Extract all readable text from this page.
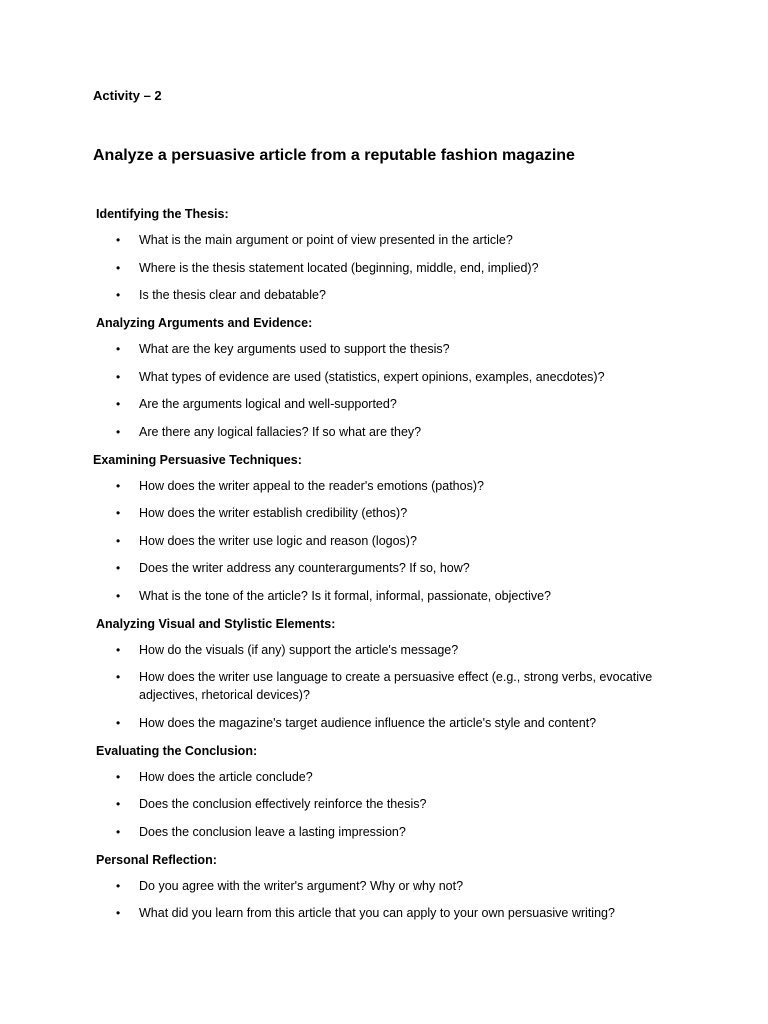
Activity – 2
Analyze a persuasive article from a reputable fashion magazine
Identifying the Thesis:
• What is the main argument or point of view presented in the article?
• Where is the thesis statement located (beginning, middle, end, implied)?
• Is the thesis clear and debatable?
Analyzing Arguments and Evidence:
• What are the key arguments used to support the thesis?
• What types of evidence are used (statistics, expert opinions, examples, anecdotes)?
• Are the arguments logical and well-supported?
• Are there any logical fallacies? If so what are they?
Examining Persuasive Techniques:
• How does the writer appeal to the reader's emotions (pathos)?
• How does the writer establish credibility (ethos)?
• How does the writer use logic and reason (logos)?
• Does the writer address any counterarguments? If so, how?
• What is the tone of the article? Is it formal, informal, passionate, objective?
Analyzing Visual and Stylistic Elements:
• How do the visuals (if any) support the article's message?
• How does the writer use language to create a persuasive effect (e.g., strong verbs, evocative adjectives, rhetorical devices)?
• How does the magazine's target audience influence the article's style and content?
Evaluating the Conclusion:
• How does the article conclude?
• Does the conclusion effectively reinforce the thesis?
• Does the conclusion leave a lasting impression?
Personal Reflection:
• Do you agree with the writer's argument? Why or why not?
• What did you learn from this article that you can apply to your own persuasive writing?
